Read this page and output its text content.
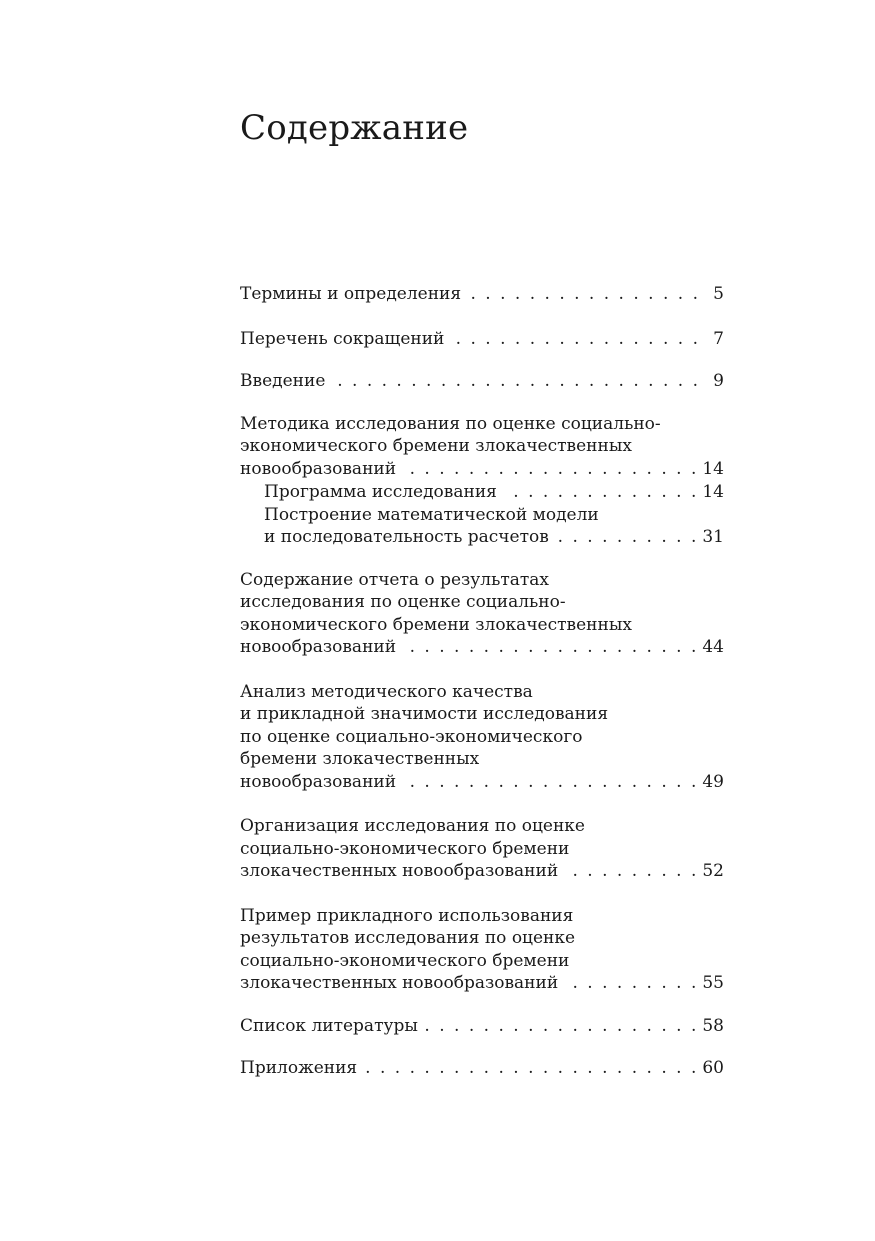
Содержание
Термины и определения . . .	5
Перечень сокращений . . .	7
Введение . . .	9
Методика исследования по оценке социально-
экономического бремени злокачественных
новообразований . . .	14
Программа исследования . . .	14
Построение математической модели
и последовательность расчетов . . .	31
Содержание отчета о результатах
исследования по оценке социально-
экономического бремени злокачественных
новообразований . . .	44
Анализ методического качества
и прикладной значимости исследования
по оценке социально-экономического
бремени злокачественных
новообразований . . .	49
Организация исследования по оценке
социально-экономического бремени
злокачественных новообразований . . .	52
Пример прикладного использования
результатов исследования по оценке
социально-экономического бремени
злокачественных новообразований . . .	55
Список литературы . . .	58
Приложения . . .	60
